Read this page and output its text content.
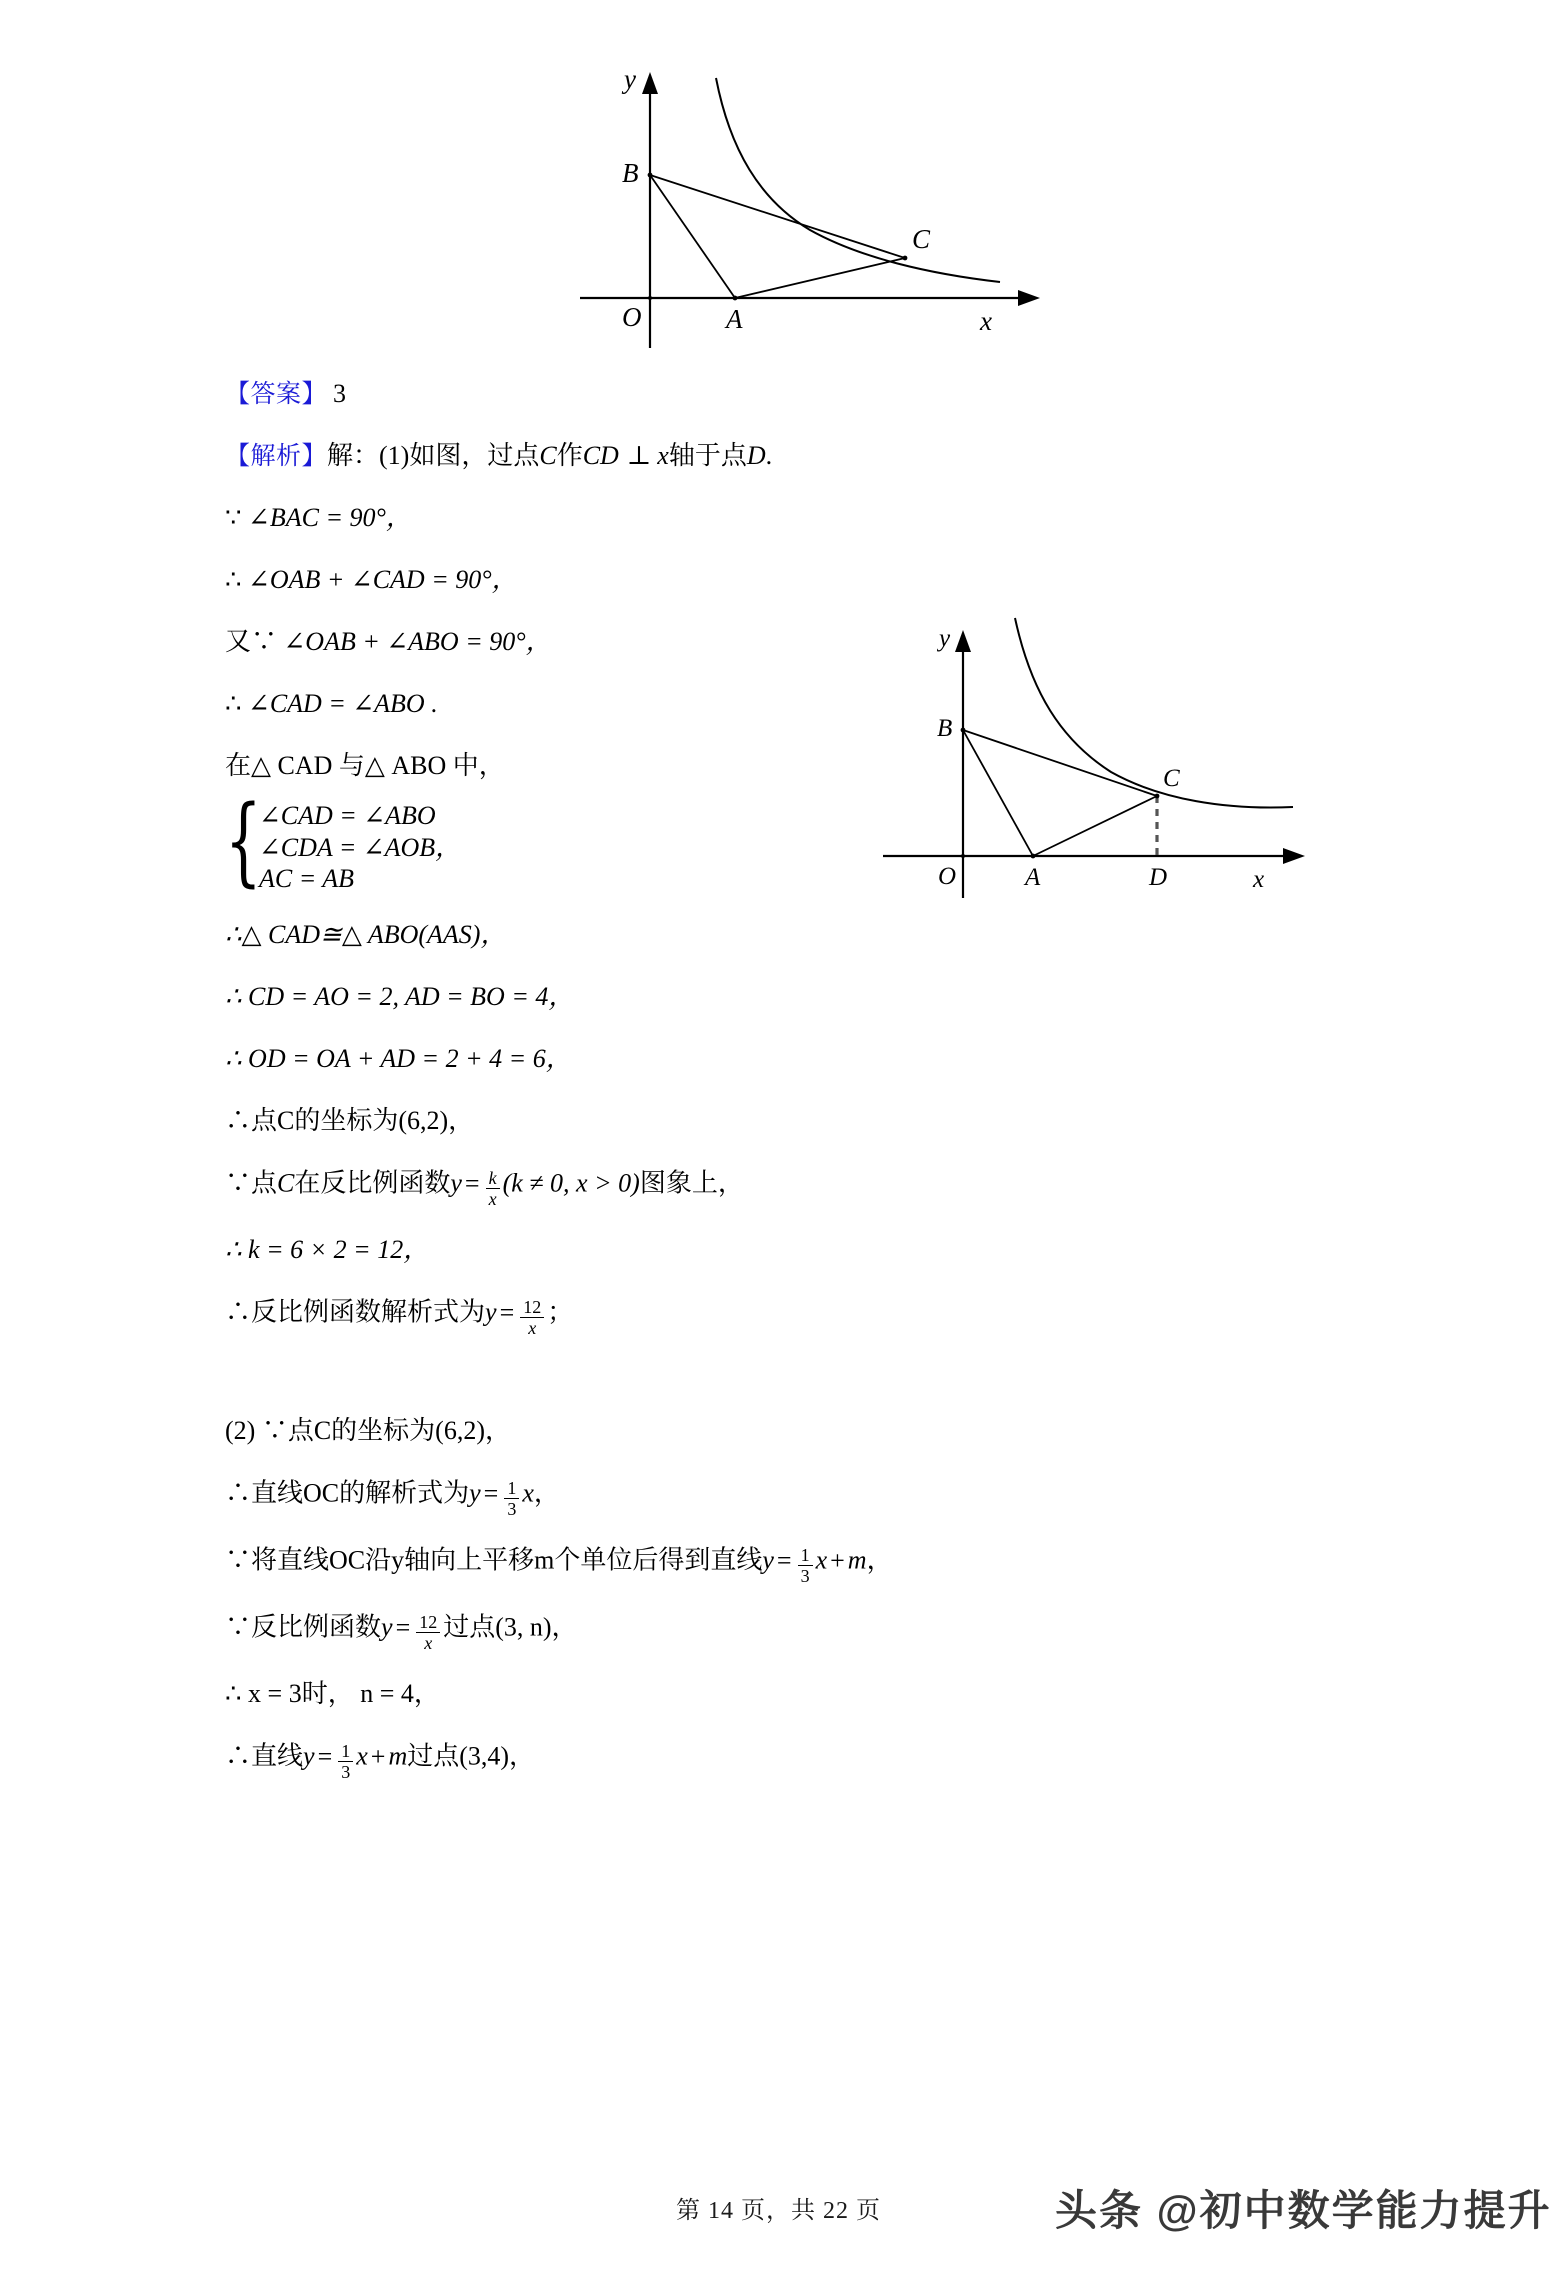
B
A
C
O	x
y
B
A
C
O	D	x
y
【答案】 3
【解析】解：(1)如图，过点C作CD ⊥ x轴于点D.
∵ ∠BAC = 90°，
∴ ∠OAB + ∠CAD = 90°，
又∵ ∠OAB + ∠ABO = 90°，
∴ ∠CAD = ∠ABO .
在△ CAD 与△ ABO 中，
{
∠CAD = ∠ABO
∠CDA = ∠AOB，
AC = AB
∴△ CAD≅△ ABO(AAS)，
∴ CD = AO = 2, AD = BO = 4，
∴ OD = OA + AD = 2 + 4 = 6，
∴点C的坐标为(6,2)，
∵点C在反比例函数$y = \frac{k}{x} (k \ne 0$, x > 0)图象上，
∴ k = 6 × 2 = 12，
∴反比例函数解析式为$y = \frac{12}{x}$ ；
(2) ∵点C的坐标为(6,2)，
∴直线OC的解析式为$y = \frac{1}{3}$ x，
∵将直线OC沿y轴向上平移m个单位后得到直线$y = \frac{1}{3}$ x + m，
∵反比例函数$y = \frac{12}{x}$ 过点(3, n)，
∴ x = 3时， n = 4，
∴直线$y = \frac{1}{3}$ x + m过点(3,4)，
第 14 页，共 22 页	头条 @初中数学能力提升
